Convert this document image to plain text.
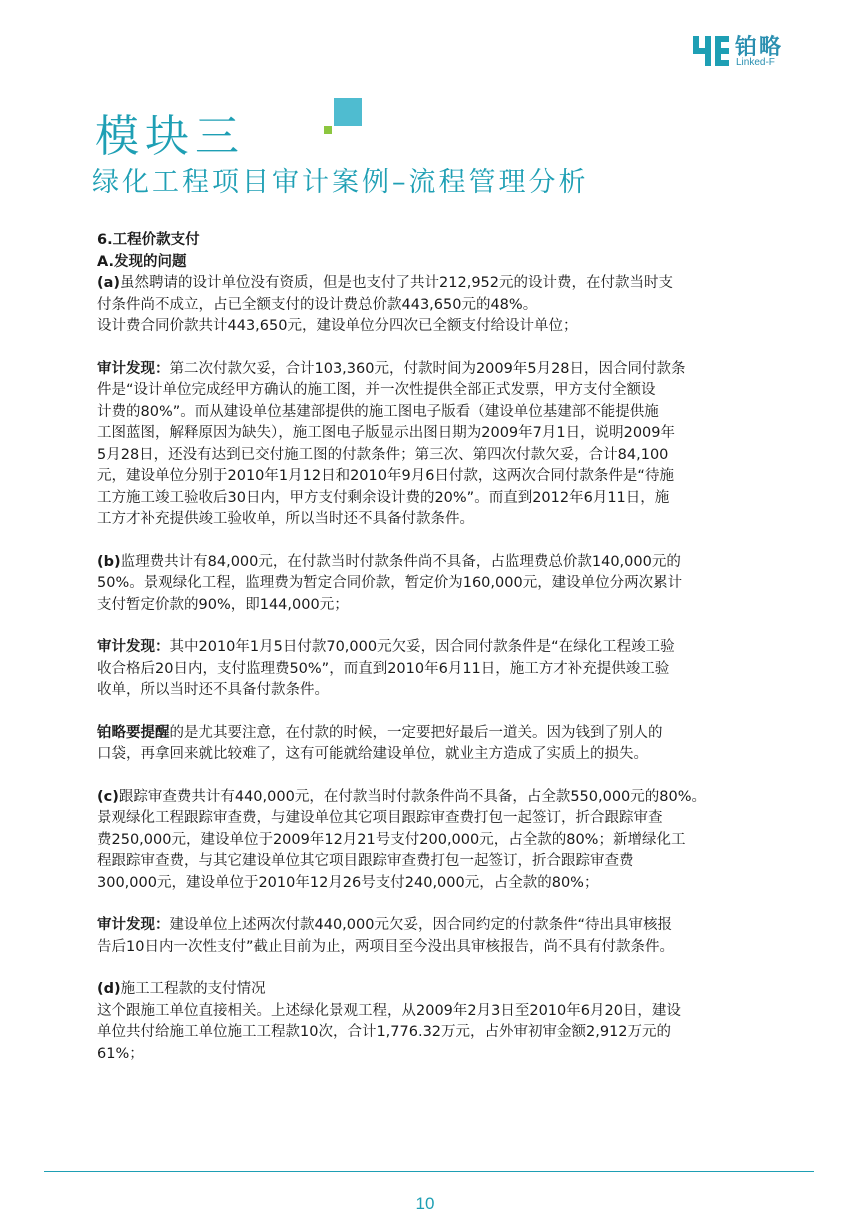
铂略
Linked-F
模块三
绿化工程项目审计案例–流程管理分析
6.工程价款支付
A.发现的问题
(a)虽然聘请的设计单位没有资质，但是也支付了共计212,952元的设计费，在付款当时支
付条件尚不成立，占已全额支付的设计费总价款443,650元的48%。
设计费合同价款共计443,650元，建设单位分四次已全额支付给设计单位；
审计发现：第二次付款欠妥，合计103,360元，付款时间为2009年5月28日，因合同付款条
件是“设计单位完成经甲方确认的施工图，并一次性提供全部正式发票，甲方支付全额设
计费的80%”。而从建设单位基建部提供的施工图电子版看（建设单位基建部不能提供施
工图蓝图，解释原因为缺失），施工图电子版显示出图日期为2009年7月1日，说明2009年
5月28日，还没有达到已交付施工图的付款条件；第三次、第四次付款欠妥，合计84,100
元，建设单位分别于2010年1月12日和2010年9月6日付款，这两次合同付款条件是“待施
工方施工竣工验收后30日内，甲方支付剩余设计费的20%”。而直到2012年6月11日，施
工方才补充提供竣工验收单，所以当时还不具备付款条件。
(b)监理费共计有84,000元，在付款当时付款条件尚不具备，占监理费总价款140,000元的
50%。景观绿化工程，监理费为暂定合同价款，暂定价为160,000元，建设单位分两次累计
支付暂定价款的90%，即144,000元；
审计发现：其中2010年1月5日付款70,000元欠妥，因合同付款条件是“在绿化工程竣工验
收合格后20日内，支付监理费50%”，而直到2010年6月11日，施工方才补充提供竣工验
收单，所以当时还不具备付款条件。
铂略要提醒的是尤其要注意，在付款的时候，一定要把好最后一道关。因为钱到了别人的
口袋，再拿回来就比较难了，这有可能就给建设单位，就业主方造成了实质上的损失。
(c)跟踪审查费共计有440,000元，在付款当时付款条件尚不具备，占全款550,000元的80%。
景观绿化工程跟踪审查费，与建设单位其它项目跟踪审查费打包一起签订，折合跟踪审查
费250,000元，建设单位于2009年12月21号支付200,000元，占全款的80%；新增绿化工
程跟踪审查费，与其它建设单位其它项目跟踪审查费打包一起签订，折合跟踪审查费
300,000元，建设单位于2010年12月26号支付240,000元，占全款的80%；
审计发现：建设单位上述两次付款440,000元欠妥，因合同约定的付款条件“待出具审核报
告后10日内一次性支付”截止目前为止，两项目至今没出具审核报告，尚不具有付款条件。
(d)施工工程款的支付情况
这个跟施工单位直接相关。上述绿化景观工程，从2009年2月3日至2010年6月20日，建设
单位共付给施工单位施工工程款10次，合计1,776.32万元，占外审初审金额2,912万元的
61%；
10
